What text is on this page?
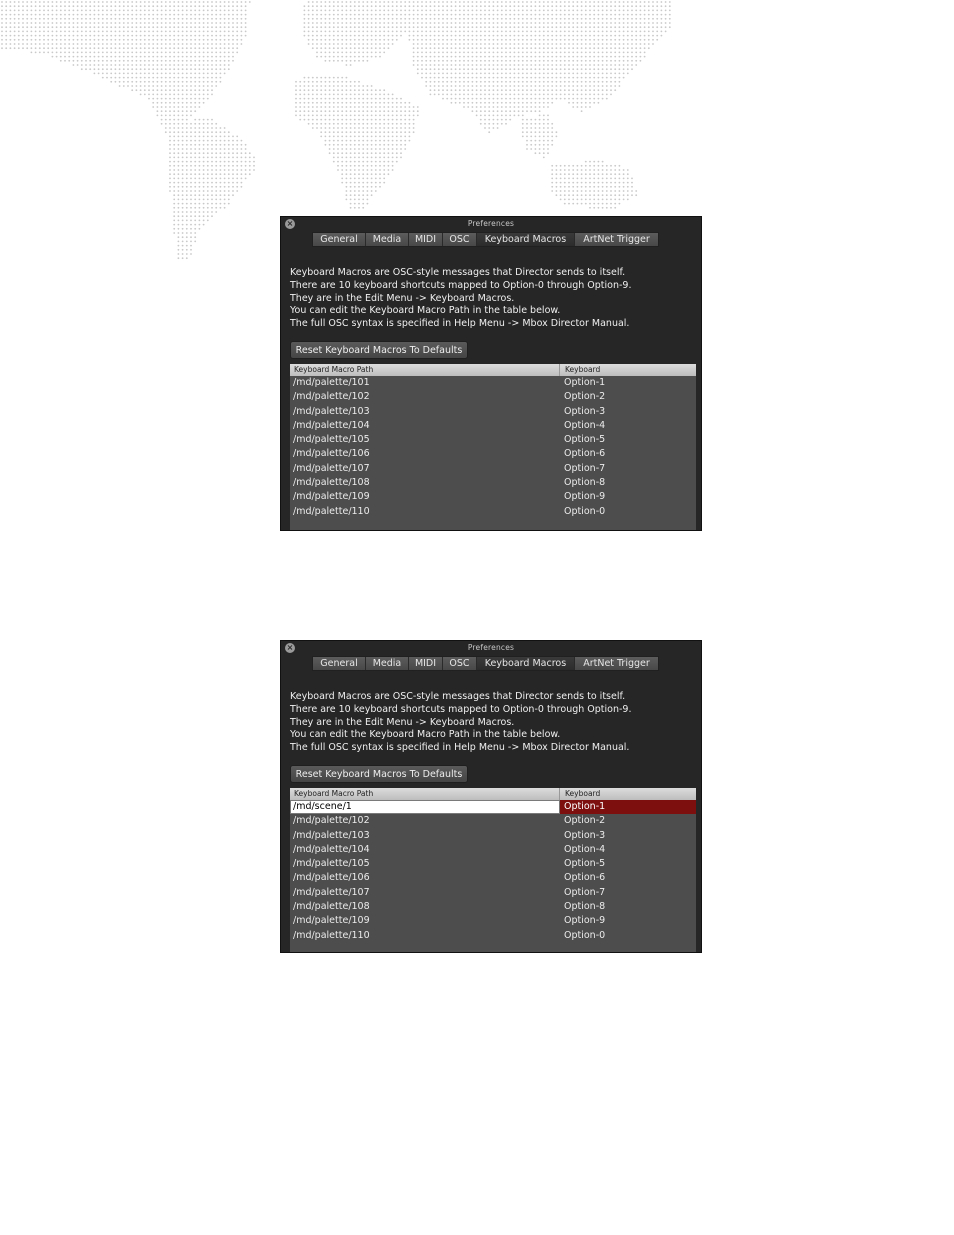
×	Preferences
General	Media	MIDI	OSC	Keyboard Macros	ArtNet Trigger
Keyboard Macros are OSC-style messages that Director sends to itself.
There are 10 keyboard shortcuts mapped to Option-0 through Option-9.
They are in the Edit Menu -> Keyboard Macros.
You can edit the Keyboard Macro Path in the table below.
The full OSC syntax is specified in Help Menu -> Mbox Director Manual.
Reset Keyboard Macros To Defaults
Keyboard Macro Path	Keyboard
/md/palette/101	Option-1
/md/palette/102	Option-2
/md/palette/103	Option-3
/md/palette/104	Option-4
/md/palette/105	Option-5
/md/palette/106	Option-6
/md/palette/107	Option-7
/md/palette/108	Option-8
/md/palette/109	Option-9
/md/palette/110	Option-0
×	Preferences
General	Media	MIDI	OSC	Keyboard Macros	ArtNet Trigger
Keyboard Macros are OSC-style messages that Director sends to itself.
There are 10 keyboard shortcuts mapped to Option-0 through Option-9.
They are in the Edit Menu -> Keyboard Macros.
You can edit the Keyboard Macro Path in the table below.
The full OSC syntax is specified in Help Menu -> Mbox Director Manual.
Reset Keyboard Macros To Defaults
Keyboard Macro Path	Keyboard
/md/scene/1	Option-1
/md/palette/102	Option-2
/md/palette/103	Option-3
/md/palette/104	Option-4
/md/palette/105	Option-5
/md/palette/106	Option-6
/md/palette/107	Option-7
/md/palette/108	Option-8
/md/palette/109	Option-9
/md/palette/110	Option-0
